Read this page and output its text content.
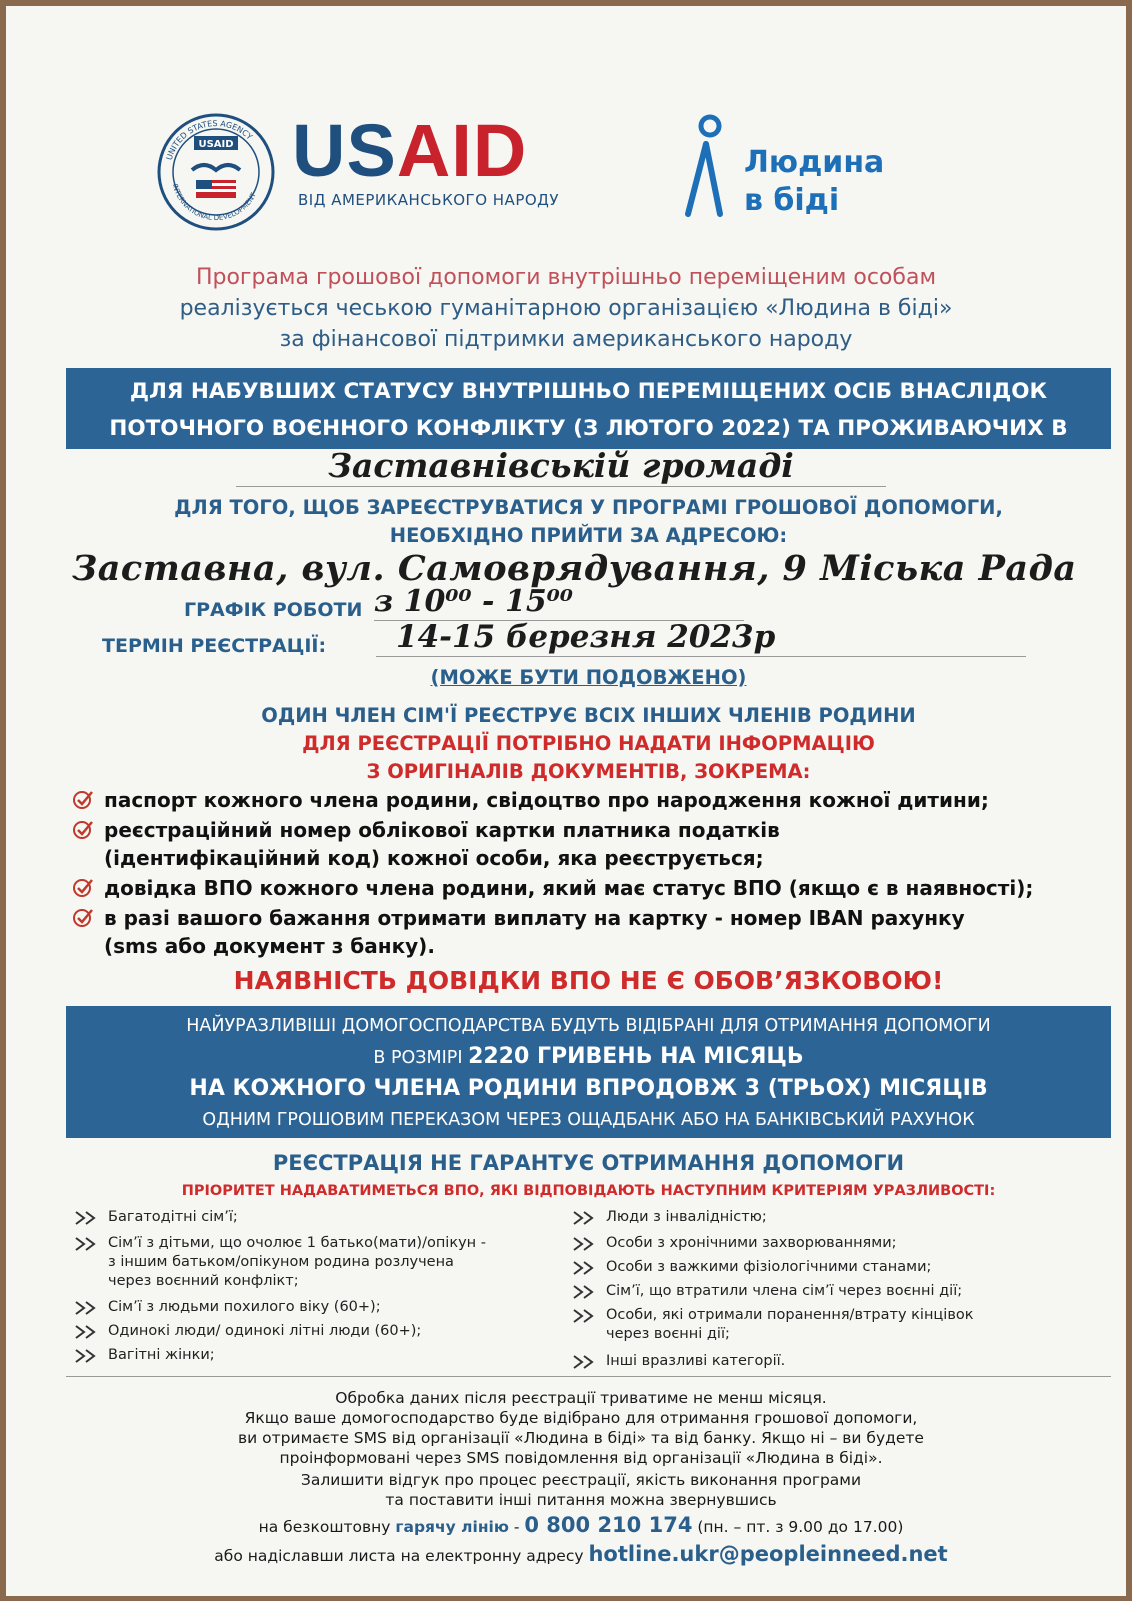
USAID
UNITED STATES AGENCY
INTERNATIONAL DEVELOPMENT
USAID
ВІД АМЕРИКАНСЬКОГО НАРОДУ
Людина
в біді
Програма грошової допомоги внутрішньо переміщеним особам
реалізується чеською гуманітарною організацією «Людина в біді»
за фінансової підтримки американського народу
ДЛЯ НАБУВШИХ СТАТУСУ ВНУТРІШНЬО ПЕРЕМІЩЕНИХ ОСІБ ВНАСЛІДОК
ПОТОЧНОГО ВОЄННОГО КОНФЛІКТУ (З ЛЮТОГО 2022) ТА ПРОЖИВАЮЧИХ В
Заставнівській громаді
ДЛЯ ТОГО, ЩОБ ЗАРЕЄСТРУВАТИСЯ У ПРОГРАМІ ГРОШОВОЇ ДОПОМОГИ,
НЕОБХІДНО ПРИЙТИ ЗА АДРЕСОЮ:
Заставна, вул. Самоврядування, 9 Міська Рада
ГРАФІК РОБОТИ з 10⁰⁰ - 15⁰⁰
ТЕРМІН РЕЄСТРАЦІЇ:	14-15 березня 2023р
(МОЖЕ БУТИ ПОДОВЖЕНО)
ОДИН ЧЛЕН СІМ'Ї РЕЄСТРУЄ ВСІХ ІНШИХ ЧЛЕНІВ РОДИНИ
ДЛЯ РЕЄСТРАЦІЇ ПОТРІБНО НАДАТИ ІНФОРМАЦІЮ
З ОРИГІНАЛІВ ДОКУМЕНТІВ, ЗОКРЕМА:
паспорт кожного члена родини, свідоцтво про народження кожної дитини;
реєстраційний номер облікової картки платника податків
(ідентифікаційний код) кожної особи, яка реєструється;
довідка ВПО кожного члена родини, який має статус ВПО (якщо є в наявності);
в разі вашого бажання отримати виплату на картку - номер IBAN рахунку
(sms або документ з банку).
НАЯВНІСТЬ ДОВІДКИ ВПО НЕ Є ОБОВ’ЯЗКОВОЮ!
НАЙУРАЗЛИВІШІ ДОМОГОСПОДАРСТВА БУДУТЬ ВІДІБРАНІ ДЛЯ ОТРИМАННЯ ДОПОМОГИ
В РОЗМІРІ 2220 ГРИВЕНЬ НА МІСЯЦЬ
НА КОЖНОГО ЧЛЕНА РОДИНИ ВПРОДОВЖ 3 (ТРЬОХ) МІСЯЦІВ
ОДНИМ ГРОШОВИМ ПЕРЕКАЗОМ ЧЕРЕЗ ОЩАДБАНК АБО НА БАНКІВСЬКИЙ РАХУНОК
РЕЄСТРАЦІЯ НЕ ГАРАНТУЄ ОТРИМАННЯ ДОПОМОГИ
ПРІОРИТЕТ НАДАВАТИМЕТЬСЯ ВПО, ЯКІ ВІДПОВІДАЮТЬ НАСТУПНИМ КРИТЕРІЯМ УРАЗЛИВОСТІ:
Багатодітні сім’ї;
Сім’ї з дітьми, що очолює 1 батько(мати)/опікун -
з іншим батьком/опікуном родина розлучена
через воєнний конфлікт;
Сім’ї з людьми похилого віку (60+);
Одинокі люди/ одинокі літні люди (60+);
Вагітні жінки;
Люди з інвалідністю;
Особи з хронічними захворюваннями;
Особи з важкими фізіологічними станами;
Сім’ї, що втратили члена сім’ї через воєнні дії;
Особи, які отримали поранення/втрату кінцівок
через воєнні дії;
Інші вразливі категорії.
Обробка даних після реєстрації триватиме не менш місяця.
Якщо ваше домогосподарство буде відібрано для отримання грошової допомоги,
ви отримаєте SMS від організації «Людина в біді» та від банку. Якщо ні – ви будете
проінформовані через SMS повідомлення від організації «Людина в біді».
Залишити відгук про процес реєстрації, якість виконання програми
та поставити інші питання можна звернувшись
на безкоштовну гарячу лінію - 0 800 210 174 (пн. – пт. з 9.00 до 17.00)
або надіславши листа на електронну адресу hotline.ukr@peopleinneed.net
